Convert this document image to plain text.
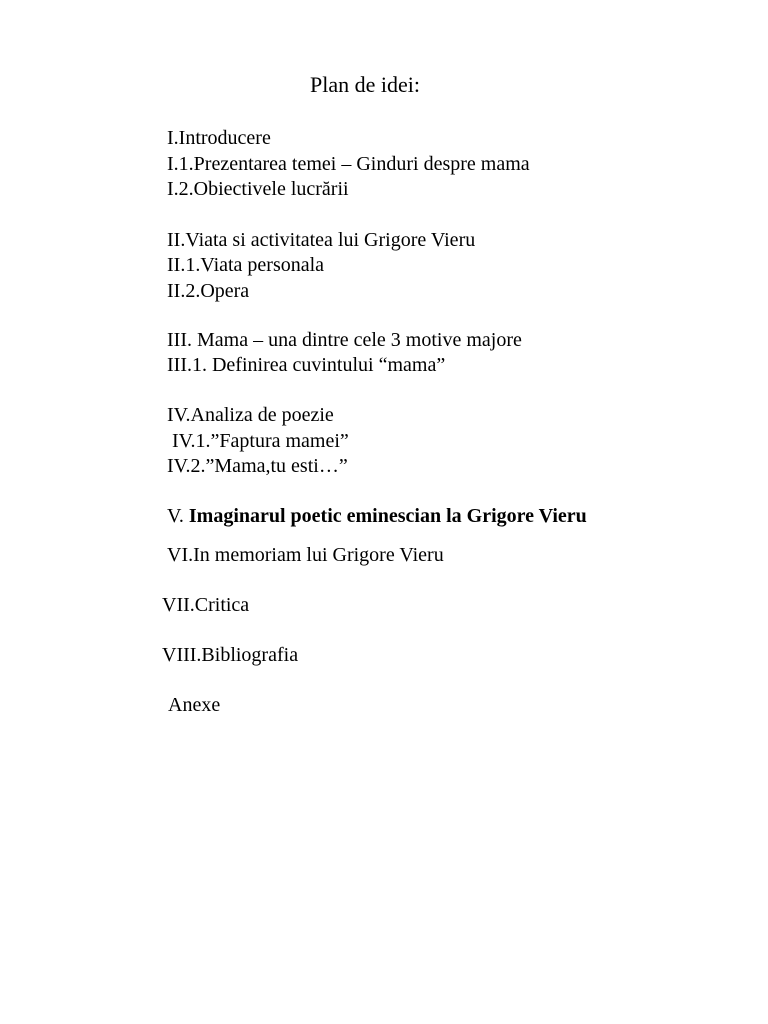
Plan de idei:
I.Introducere
I.1.Prezentarea temei – Ginduri despre mama
I.2.Obiectivele lucrării
II.Viata si activitatea lui Grigore Vieru
II.1.Viata personala
II.2.Opera
III. Mama – una dintre cele 3 motive majore
III.1. Definirea cuvintului “mama”
IV.Analiza de poezie
IV.1.”Faptura mamei”
IV.2.”Mama,tu esti…”
V. Imaginarul poetic eminescian la Grigore Vieru
VI.In memoriam lui Grigore Vieru
VII.Critica
VIII.Bibliografia
Anexe
